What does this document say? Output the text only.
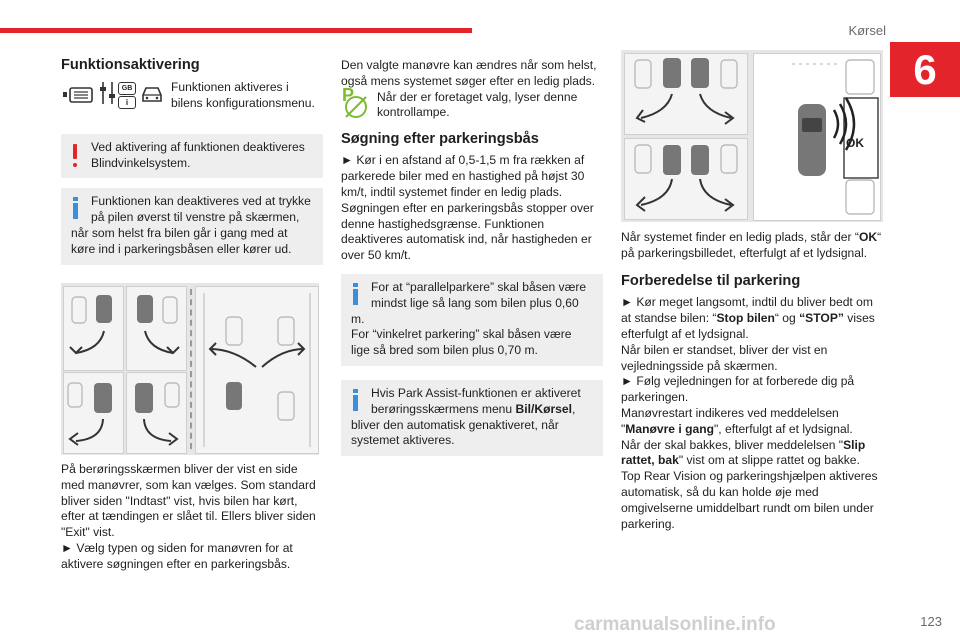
Kørsel
6
Funktionsaktivering
GB
i

Funktionen aktiveres i bilens konfigurationsmenu.

Ved aktivering af funktionen deaktiveres Blindvinkelsystem.

Funktionen kan deaktiveres ved at trykke på pilen øverst til venstre på skærmen,

når som helst fra bilen går i gang med at køre ind i parkeringsbåsen eller kører ud.

På berøringsskærmen bliver der vist en side med manøvrer, som kan vælges. Som standard bliver siden "Indtast" vist, hvis bilen har kørt, efter at tændingen er slået til. Ellers bliver siden "Exit" vist.

► Vælg typen og siden for manøvren for at aktivere søgningen efter en parkeringsbås.

Den valgte manøvre kan ændres når som helst, også mens systemet søger efter en ledig plads.

P Når der er foretaget valg, lyser denne kontrollampe.

Søgning efter parkeringsbås

► Kør i en afstand af 0,5-1,5 m fra rækken af parkerede biler med en hastighed på højst 30 km/t, indtil systemet finder en ledig plads. Søgningen efter en parkeringsbås stopper over denne hastighedsgrænse. Funktionen deaktiveres automatisk ind, når hastigheden er over 50 km/t.

For at “parallelparkere” skal båsen være mindst lige så lang som bilen plus 0,60

m.

For “vinkelret parkering” skal båsen være lige så bred som bilen plus 0,70 m.

Hvis Park Assist-funktionen er aktiveret berøringsskærmens menu Bil/Kørsel,

bliver den automatisk genaktiveret, når systemet aktiveres.

OK

Når systemet finder en ledig plads, står der “OK“ på parkeringsbilledet, efterfulgt af et lydsignal.

Forberedelse til parkering

► Kør meget langsomt, indtil du bliver bedt om at standse bilen: “Stop bilen“ og “STOP” vises efterfulgt af et lydsignal.

Når bilen er standset, bliver der vist en vejledningsside på skærmen.

► Følg vejledningen for at forberede dig på parkeringen.

Manøvrestart indikeres ved meddelelsen "Manøvre i gang", efterfulgt af et lydsignal.

Når der skal bakkes, bliver meddelelsen "Slip rattet, bak" vist om at slippe rattet og bakke.

Top Rear Vision og parkeringshjælpen aktiveres automatisk, så du kan holde øje med omgivelserne umiddelbart rundt om bilen under parkering.

carmanualsonline.info	123
